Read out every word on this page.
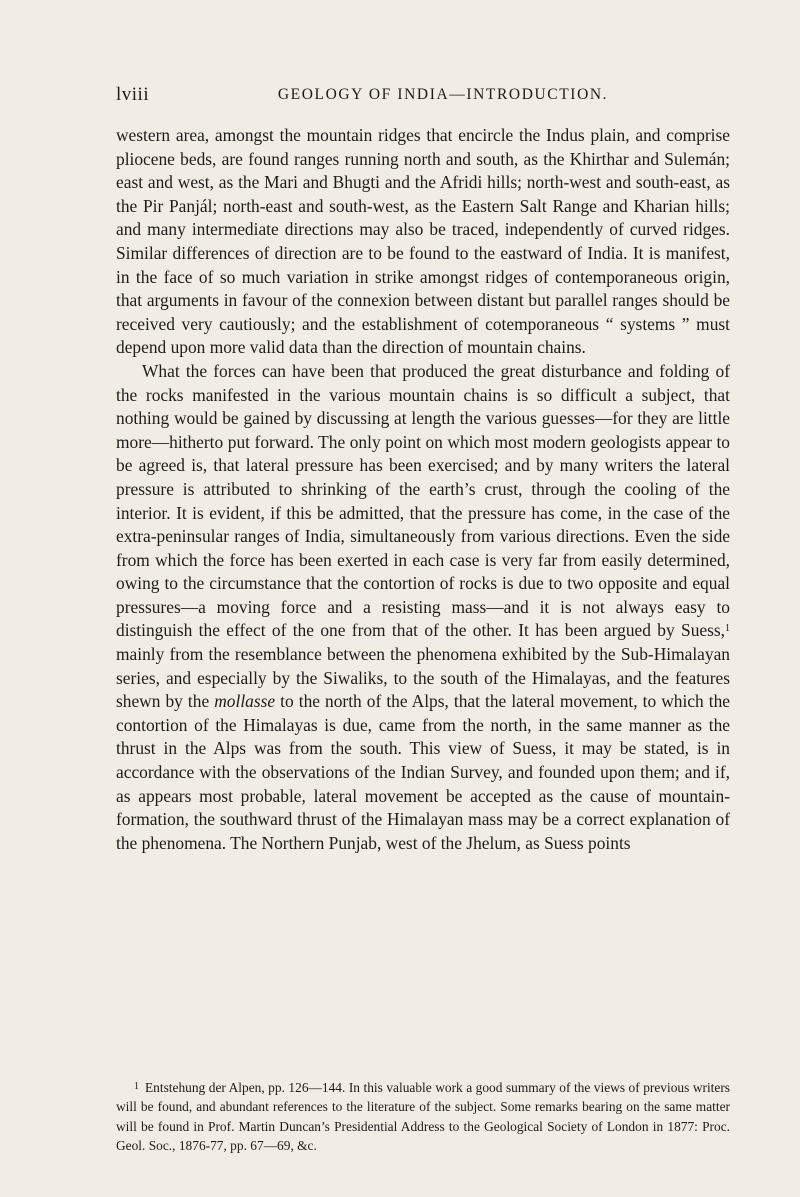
lviii	GEOLOGY OF INDIA—INTRODUCTION.

western area, amongst the mountain ridges that encircle the Indus plain, and comprise pliocene beds, are found ranges running north and south, as the Khirthar and Sulemán; east and west, as the Mari and Bhugti and the Afridi hills; north-west and south-east, as the Pir Panjál; north-east and south-west, as the Eastern Salt Range and Kharian hills; and many intermediate directions may also be traced, independently of curved ridges. Similar differences of direction are to be found to the eastward of India. It is manifest, in the face of so much variation in strike amongst ridges of contemporaneous origin, that arguments in favour of the connexion between distant but parallel ranges should be received very cautiously; and the establishment of cotemporaneous “ systems ” must depend upon more valid data than the direction of mountain chains.

What the forces can have been that produced the great disturbance and folding of the rocks manifested in the various mountain chains is so difficult a subject, that nothing would be gained by discussing at length the various guesses—for they are little more—hitherto put forward. The only point on which most modern geologists appear to be agreed is, that lateral pressure has been exercised; and by many writers the lateral pressure is attributed to shrinking of the earth’s crust, through the cooling of the interior. It is evident, if this be admitted, that the pressure has come, in the case of the extra-peninsular ranges of India, simultaneously from various directions. Even the side from which the force has been exerted in each case is very far from easily determined, owing to the circumstance that the contortion of rocks is due to two opposite and equal pressures—a moving force and a resisting mass—and it is not always easy to distinguish the effect of the one from that of the other. It has been argued by Suess,$^1$ mainly from the resemblance between the phenomena exhibited by the Sub-Himalayan series, and especially by the Siwaliks, to the south of the Himalayas, and the features shewn by the mollasse to the north of the Alps, that the lateral movement, to which the contortion of the Himalayas is due, came from the north, in the same manner as the thrust in the Alps was from the south. This view of Suess, it may be stated, is in accordance with the observations of the Indian Survey, and founded upon them; and if, as appears most probable, lateral movement be accepted as the cause of mountain-formation, the southward thrust of the Himalayan mass may be a correct explanation of the phenomena. The Northern Punjab, west of the Jhelum, as Suess points

$^1$ Entstehung der Alpen, pp. 126—144. In this valuable work a good summary of the views of previous writers will be found, and abundant references to the literature of the subject. Some remarks bearing on the same matter will be found in Prof. Martin Duncan’s Presidential Address to the Geological Society of London in 1877: Proc. Geol. Soc., 1876-77, pp. 67—69, &c.
